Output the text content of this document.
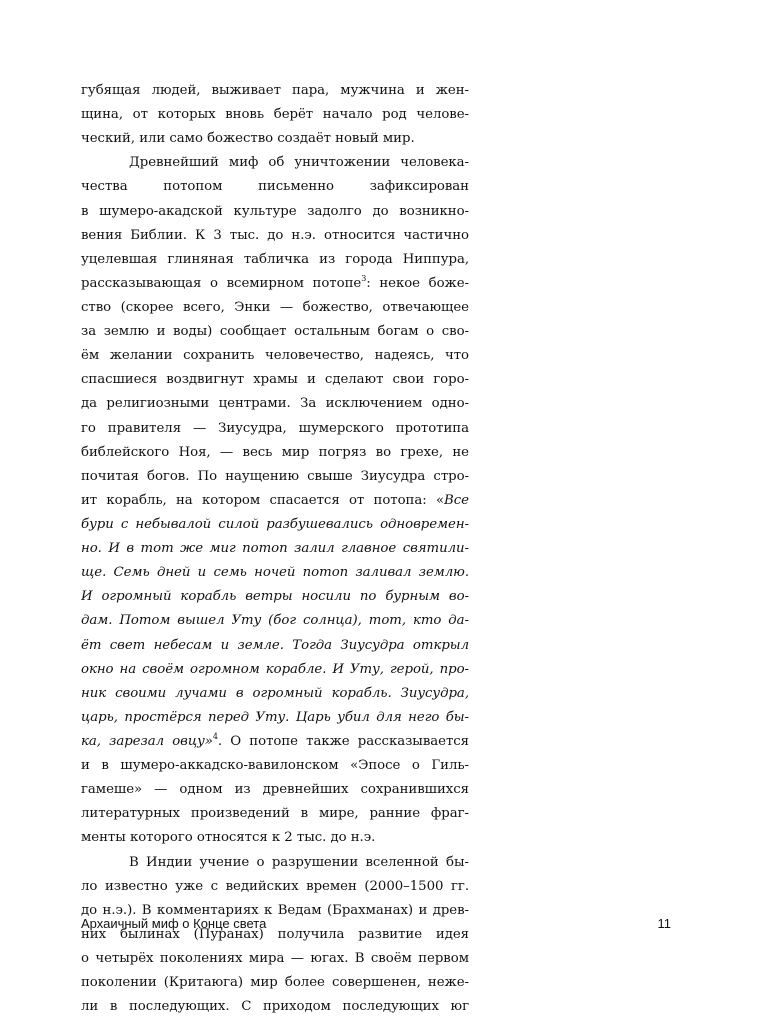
губящая людей, выживает пара, мужчина и жен-
щина, от которых вновь берёт начало род челове-
ческий, или само божество создаёт новый мир.
Древнейший миф об уничтожении человека-
чества потопом письменно зафиксирован
в шумеро-акадской культуре задолго до возникно-
вения Библии. К 3 тыс. до н.э. относится частично
уцелевшая глиняная табличка из города Ниппура,
рассказывающая о всемирном потопе$^3$: некое боже-
ство (скорее всего, Энки — божество, отвечающее
за землю и воды) сообщает остальным богам о сво-
ём желании сохранить человечество, надеясь, что
спасшиеся воздвигнут храмы и сделают свои горо-
да религиозными центрами. За исключением одно-
го правителя — Зиусудра, шумерского прототипа
библейского Ноя, — весь мир погряз во грехе, не
почитая богов. По наущению свыше Зиусудра стро-
ит корабль, на котором спасается от потопа: «Все
бури с небывалой силой разбушевались одновремен-
но. И в тот же миг потоп залил главное святили-
ще. Семь дней и семь ночей потоп заливал землю.
И огромный корабль ветры носили по бурным во-
дам. Потом вышел Уту (бог солнца), тот, кто да-
ёт свет небесам и земле. Тогда Зиусудра открыл
окно на своём огромном корабле. И Уту, герой, про-
ник своими лучами в огромный корабль. Зиусудра,
царь, простёрся перед Уту. Царь убил для него бы-
ка, зарезал овцу»$^4$. О потопе также рассказывается
и в шумеро-аккадско-вавилонском «Эпосе о Гиль-
гамеше» — одном из древнейших сохранившихся
литературных произведений в мире, ранние фраг-
менты которого относятся к 2 тыс. до н.э.
В Индии учение о разрушении вселенной бы-
ло известно уже с ведийских времен (2000–1500 гг.
до н.э.). В комментариях к Ведам (Брахманах) и древ-
них былинах (Пуранах) получила развитие идея
о четырёх поколениях мира — югах. В своём первом
поколении (Критаюга) мир более совершенен, нeже-
ли в последующих. С приходом последующих юг
Архаичный миф о Конце света	11
